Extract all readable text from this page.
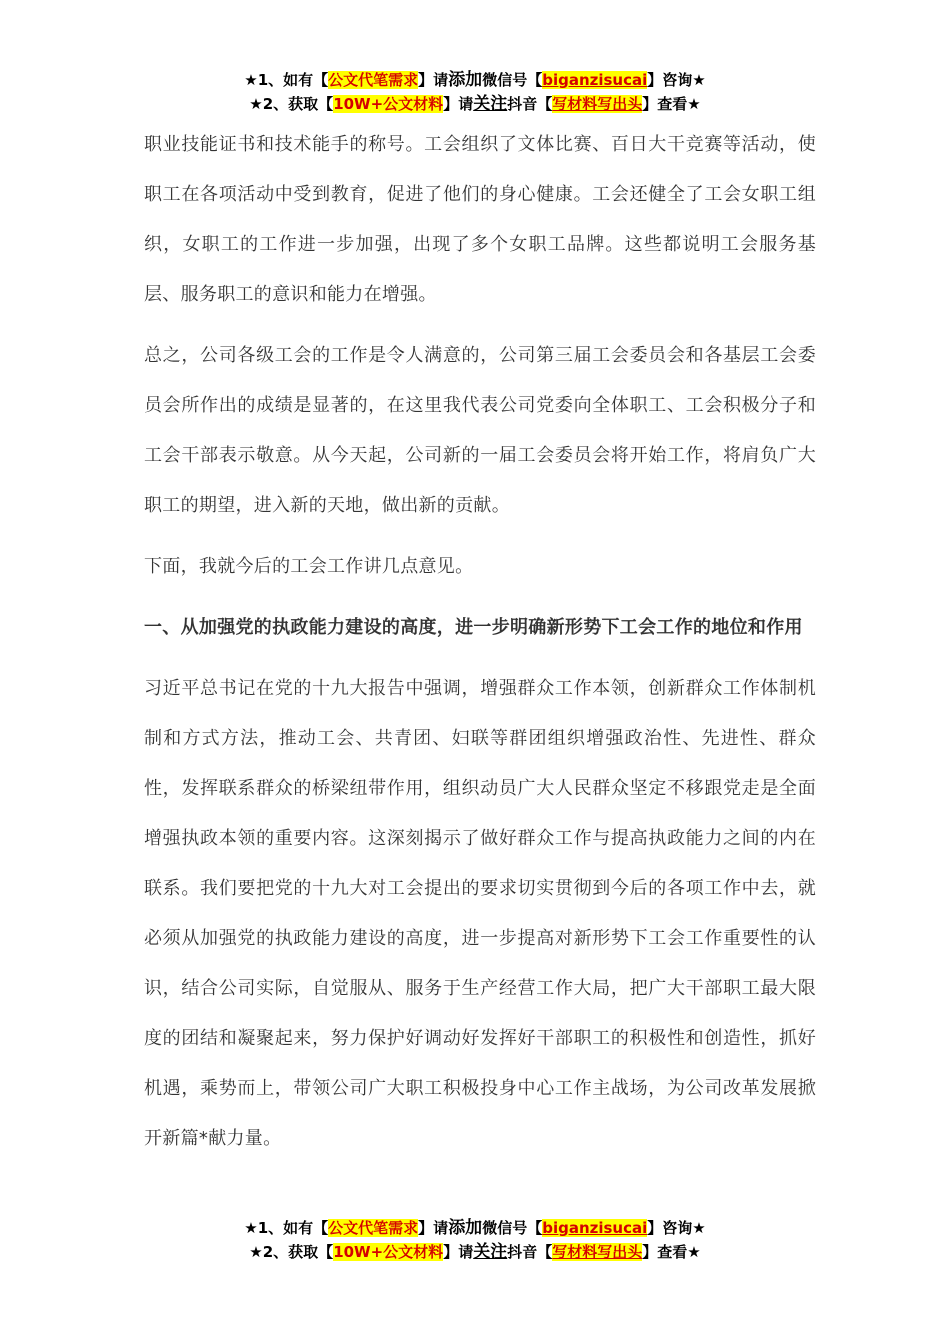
★1、如有【公文代笔需求】请添加微信号【biganzisucai】咨询★
★2、获取【10W+公文材料】请关注抖音【写材料写出头】查看★

职业技能证书和技术能手的称号。工会组织了文体比赛、百日大干竞赛等活动，使职工在各项活动中受到教育，促进了他们的身心健康。工会还健全了工会女职工组织，女职工的工作进一步加强，出现了多个女职工品牌。这些都说明工会服务基层、服务职工的意识和能力在增强。

总之，公司各级工会的工作是令人满意的，公司第三届工会委员会和各基层工会委员会所作出的成绩是显著的，在这里我代表公司党委向全体职工、工会积极分子和工会干部表示敬意。从今天起，公司新的一届工会委员会将开始工作，将肩负广大职工的期望，进入新的天地，做出新的贡献。

下面，我就今后的工会工作讲几点意见。

一、从加强党的执政能力建设的高度，进一步明确新形势下工会工作的地位和作用

习近平总书记在党的十九大报告中强调，增强群众工作本领，创新群众工作体制机制和方式方法，推动工会、共青团、妇联等群团组织增强政治性、先进性、群众性，发挥联系群众的桥梁纽带作用，组织动员广大人民群众坚定不移跟党走是全面增强执政本领的重要内容。这深刻揭示了做好群众工作与提高执政能力之间的内在联系。我们要把党的十九大对工会提出的要求切实贯彻到今后的各项工作中去，就必须从加强党的执政能力建设的高度，进一步提高对新形势下工会工作重要性的认识，结合公司实际，自觉服从、服务于生产经营工作大局，把广大干部职工最大限度的团结和凝聚起来，努力保护好调动好发挥好干部职工的积极性和创造性，抓好机遇，乘势而上，带领公司广大职工积极投身中心工作主战场，为公司改革发展掀开新篇*献力量。

★1、如有【公文代笔需求】请添加微信号【biganzisucai】咨询★
★2、获取【10W+公文材料】请关注抖音【写材料写出头】查看★
